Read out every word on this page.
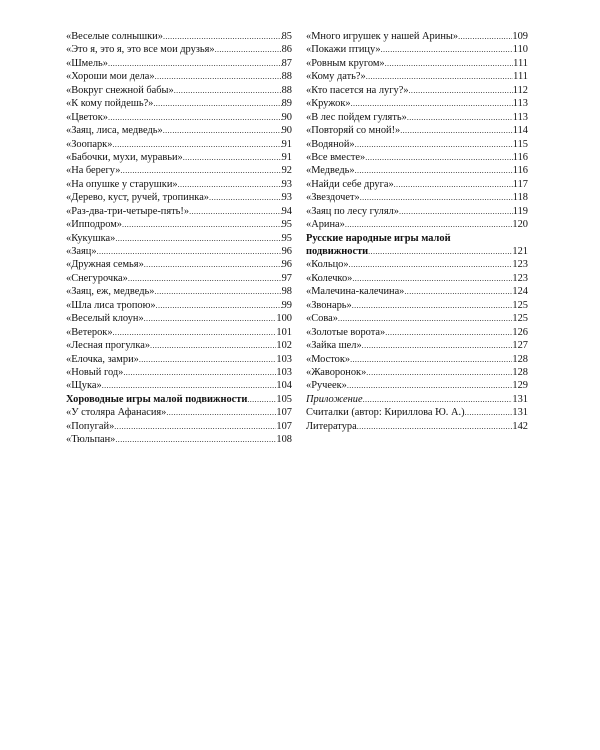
«Веселые солнышки» .....	85
«Это я, это я, это все мои друзья» .....	86
«Шмель» .....	87
«Хороши мои дела» .....	88
«Вокруг снежной бабы» .....	88
«К кому пойдешь?» .....	89
«Цветок» .....	90
«Заяц, лиса, медведь» .....	90
«Зоопарк» .....	91
«Бабочки, мухи, муравьи» .....	91
«На берегу» .....	92
«На опушке у старушки» .....	93
«Дерево, куст, ручей, тропинка» .....	93
«Раз-два-три-четыре-пять!» .....	94
«Ипподром» .....	95
«Кукушка» .....	95
«Заяц» .....	96
«Дружная семья» .....	96
«Снегурочка» .....	97
«Заяц, еж, медведь» .....	98
«Шла лиса тропою» .....	99
«Веселый клоун» .....	100
«Ветерок» .....	101
«Лесная прогулка» .....	102
«Елочка, замри» .....	103
«Новый год» .....	103
«Щука» .....	104
Хороводные игры малой подвижности .....	105
«У столяра Афанасия» .....	107
«Попугай» .....	107
«Тюльпан» .....	108
«Много игрушек у нашей Арины» .....	109
«Покажи птицу» .....	110
«Ровным кругом» .....	111
«Кому дать?» .....	111
«Кто пасется на лугу?» .....	112
«Кружок» .....	113
«В лес пойдем гулять» .....	113
«Повторяй со мной!» .....	114
«Водяной» .....	115
«Все вместе» .....	116
«Медведь» .....	116
«Найди себе друга» .....	117
«Звездочет» .....	118
«Заяц по лесу гулял» .....	119
«Арина» .....	120
Русские народные игры малой
подвижности .....	121
«Кольцо» .....	123
«Колечко» .....	123
«Малечина-калечина» .....	124
«Звонарь» .....	125
«Сова» .....	125
«Золотые ворота» .....	126
«Зайка шел» .....	127
«Мосток» .....	128
«Жаворонок» .....	128
«Ручеек» .....	129
Приложение .....	131
Считалки (автор: Кириллова Ю. А.) .....	131
Литература .....	142
